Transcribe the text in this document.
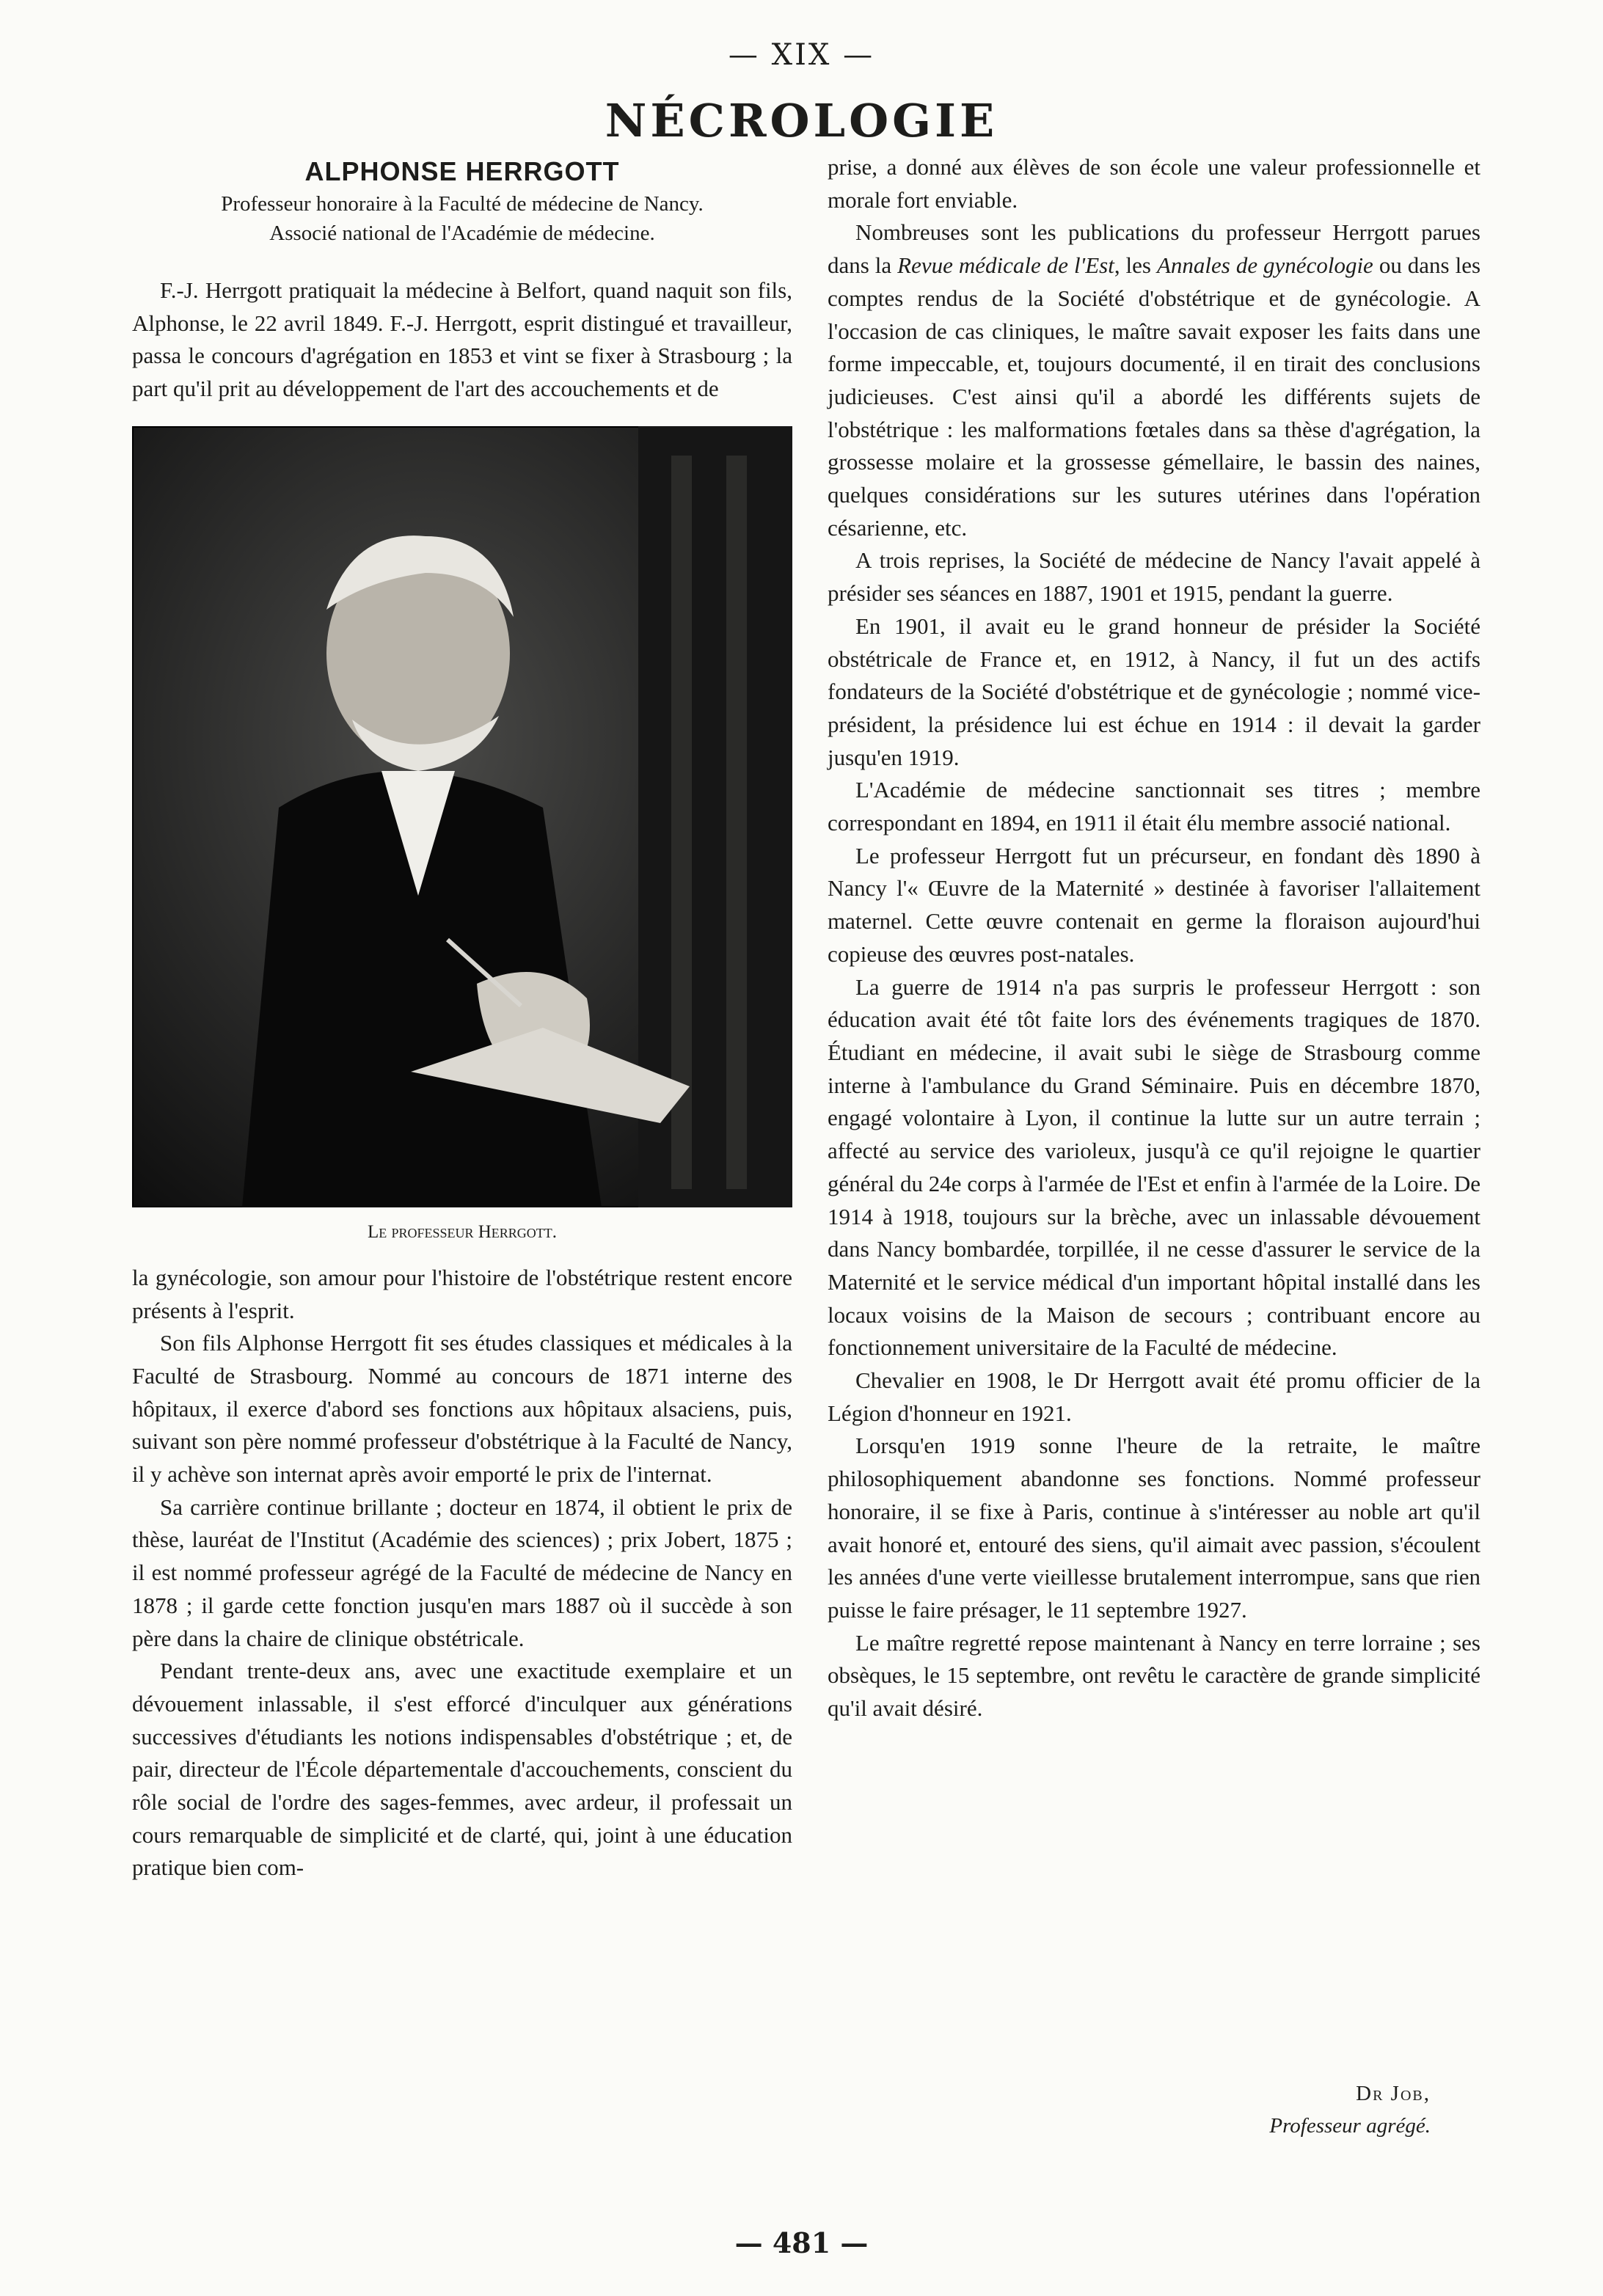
— XIX —
NÉCROLOGIE
ALPHONSE HERRGOTT

Professeur honoraire à la Faculté de médecine de Nancy.

Associé national de l'Académie de médecine.

F.-J. Herrgott pratiquait la médecine à Belfort, quand naquit son fils, Alphonse, le 22 avril 1849. F.-J. Herrgott, esprit distingué et travailleur, passa le concours d'agrégation en 1853 et vint se fixer à Strasbourg ; la part qu'il prit au développement de l'art des accouchements et de

Le professeur Herrgott.

la gynécologie, son amour pour l'histoire de l'obstétrique restent encore présents à l'esprit.

Son fils Alphonse Herrgott fit ses études classiques et médicales à la Faculté de Strasbourg. Nommé au concours de 1871 interne des hôpitaux, il exerce d'abord ses fonctions aux hôpitaux alsaciens, puis, suivant son père nommé professeur d'obstétrique à la Faculté de Nancy, il y achève son internat après avoir emporté le prix de l'internat.

Sa carrière continue brillante ; docteur en 1874, il obtient le prix de thèse, lauréat de l'Institut (Académie des sciences) ; prix Jobert, 1875 ; il est nommé professeur agrégé de la Faculté de médecine de Nancy en 1878 ; il garde cette fonction jusqu'en mars 1887 où il succède à son père dans la chaire de clinique obstétricale.

Pendant trente-deux ans, avec une exactitude exemplaire et un dévouement inlassable, il s'est efforcé d'inculquer aux générations successives d'étudiants les notions indispensables d'obstétrique ; et, de pair, directeur de l'École départementale d'accouchements, conscient du rôle social de l'ordre des sages-femmes, avec ardeur, il professait un cours remarquable de simplicité et de clarté, qui, joint à une éducation pratique bien com-

prise, a donné aux élèves de son école une valeur professionnelle et morale fort enviable.

Nombreuses sont les publications du professeur Herrgott parues dans la Revue médicale de l'Est, les Annales de gynécologie ou dans les comptes rendus de la Société d'obstétrique et de gynécologie. A l'occasion de cas cliniques, le maître savait exposer les faits dans une forme impeccable, et, toujours documenté, il en tirait des conclusions judicieuses. C'est ainsi qu'il a abordé les différents sujets de l'obstétrique : les malformations fœtales dans sa thèse d'agrégation, la grossesse molaire et la grossesse gémellaire, le bassin des naines, quelques considérations sur les sutures utérines dans l'opération césarienne, etc.

A trois reprises, la Société de médecine de Nancy l'avait appelé à présider ses séances en 1887, 1901 et 1915, pendant la guerre.

En 1901, il avait eu le grand honneur de présider la Société obstétricale de France et, en 1912, à Nancy, il fut un des actifs fondateurs de la Société d'obstétrique et de gynécologie ; nommé vice-président, la présidence lui est échue en 1914 : il devait la garder jusqu'en 1919.

L'Académie de médecine sanctionnait ses titres ; membre correspondant en 1894, en 1911 il était élu membre associé national.

Le professeur Herrgott fut un précurseur, en fondant dès 1890 à Nancy l'« Œuvre de la Maternité » destinée à favoriser l'allaitement maternel. Cette œuvre contenait en germe la floraison aujourd'hui copieuse des œuvres post-natales.

La guerre de 1914 n'a pas surpris le professeur Herrgott : son éducation avait été tôt faite lors des événements tragiques de 1870. Étudiant en médecine, il avait subi le siège de Strasbourg comme interne à l'ambulance du Grand Séminaire. Puis en décembre 1870, engagé volontaire à Lyon, il continue la lutte sur un autre terrain ; affecté au service des varioleux, jusqu'à ce qu'il rejoigne le quartier général du 24e corps à l'armée de l'Est et enfin à l'armée de la Loire. De 1914 à 1918, toujours sur la brèche, avec un inlassable dévouement dans Nancy bombardée, torpillée, il ne cesse d'assurer le service de la Maternité et le service médical d'un important hôpital installé dans les locaux voisins de la Maison de secours ; contribuant encore au fonctionnement universitaire de la Faculté de médecine.

Chevalier en 1908, le Dr Herrgott avait été promu officier de la Légion d'honneur en 1921.

Lorsqu'en 1919 sonne l'heure de la retraite, le maître philosophiquement abandonne ses fonctions. Nommé professeur honoraire, il se fixe à Paris, continue à s'intéresser au noble art qu'il avait honoré et, entouré des siens, qu'il aimait avec passion, s'écoulent les années d'une verte vieillesse brutalement interrompue, sans que rien puisse le faire présager, le 11 septembre 1927.

Le maître regretté repose maintenant à Nancy en terre lorraine ; ses obsèques, le 15 septembre, ont revêtu le caractère de grande simplicité qu'il avait désiré.

Dr Job,
Professeur agrégé.
— 481 —
